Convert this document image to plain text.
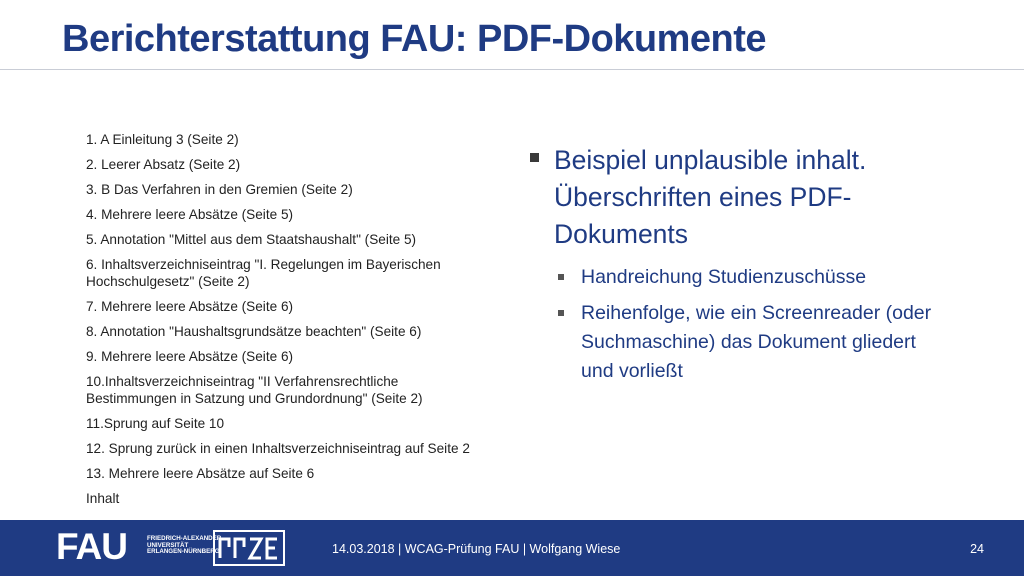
Berichterstattung FAU: PDF-Dokumente
1. A Einleitung 3 (Seite 2)
2. Leerer Absatz (Seite 2)
3. B Das Verfahren in den Gremien (Seite 2)
4. Mehrere leere Absätze (Seite 5)
5. Annotation "Mittel aus dem Staatshaushalt" (Seite 5)
6. Inhaltsverzeichniseintrag "I. Regelungen im Bayerischen Hochschulgesetz" (Seite 2)
7. Mehrere leere Absätze (Seite 6)
8. Annotation "Haushaltsgrundsätze beachten" (Seite 6)
9. Mehrere leere Absätze (Seite 6)
10.Inhaltsverzeichniseintrag "II Verfahrensrechtliche Bestimmungen in Satzung und Grundordnung" (Seite 2)
11.Sprung auf Seite 10
12. Sprung zurück in einen Inhaltsverzeichniseintrag auf Seite 2
13. Mehrere leere Absätze auf Seite 6
Inhalt
Beispiel unplausible inhalt. Überschriften eines PDF-Dokuments
Handreichung Studienzuschüsse
Reihenfolge, wie ein Screenreader (oder Suchmaschine) das Dokument gliedert und vorließt
FAU	FRIEDRICH-ALEXANDER
UNIVERSITÄT
ERLANGEN-NÜRNBERG	14.03.2018 | WCAG-Prüfung FAU | Wolfgang Wiese	24
